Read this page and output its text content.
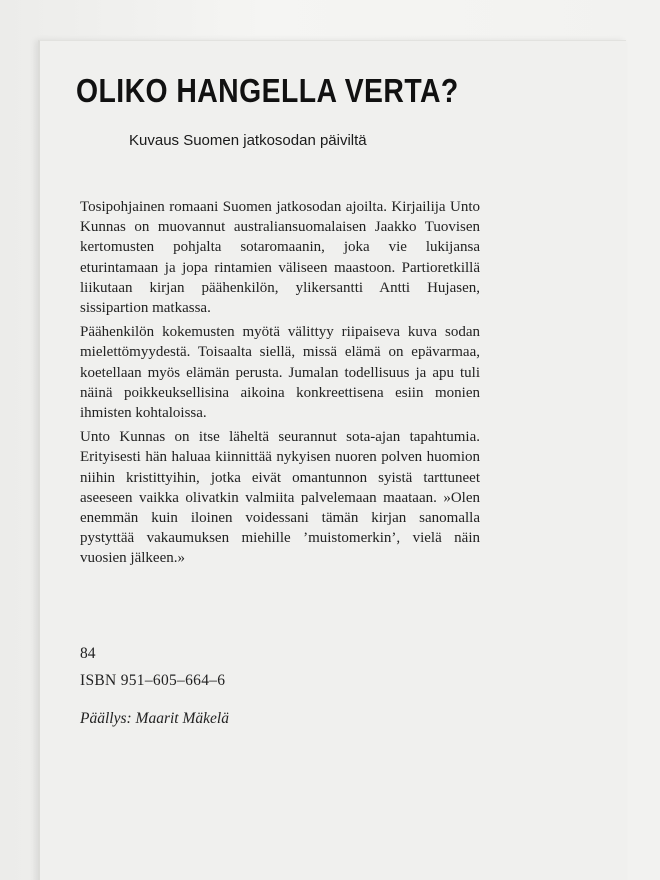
OLIKO HANGELLA VERTA?

Kuvaus Suomen jatkosodan päiviltä

Tosipohjainen romaani Suomen jatkosodan ajoilta. Kirjailija Unto Kunnas on muovannut australiansuomalaisen Jaakko Tuovisen kertomusten pohjalta sotaromaanin, joka vie lukijansa eturintamaan ja jopa rintamien väliseen maastoon. Partioretkillä liikutaan kirjan päähenkilön, ylikersantti Antti Hujasen, sissipartion matkassa.

Päähenkilön kokemusten myötä välittyy riipaiseva kuva sodan mielettömyydestä. Toisaalta siellä, missä elämä on epävarmaa, koetellaan myös elämän perusta. Jumalan todellisuus ja apu tuli näinä poikkeuksellisina aikoina konkreettisena esiin monien ihmisten kohtaloissa.

Unto Kunnas on itse läheltä seurannut sota-ajan tapahtumia. Erityisesti hän haluaa kiinnittää nykyisen nuoren polven huomion niihin kristittyihin, jotka eivät omantunnon syistä tarttuneet aseeseen vaikka olivatkin valmiita palvelemaan maataan. »Olen enemmän kuin iloinen voidessani tämän kirjan sanomalla pystyttää vakaumuksen miehille ’muistomerkin’, vielä näin vuosien jälkeen.»

84

ISBN 951–605–664–6

Päällys: Maarit Mäkelä
